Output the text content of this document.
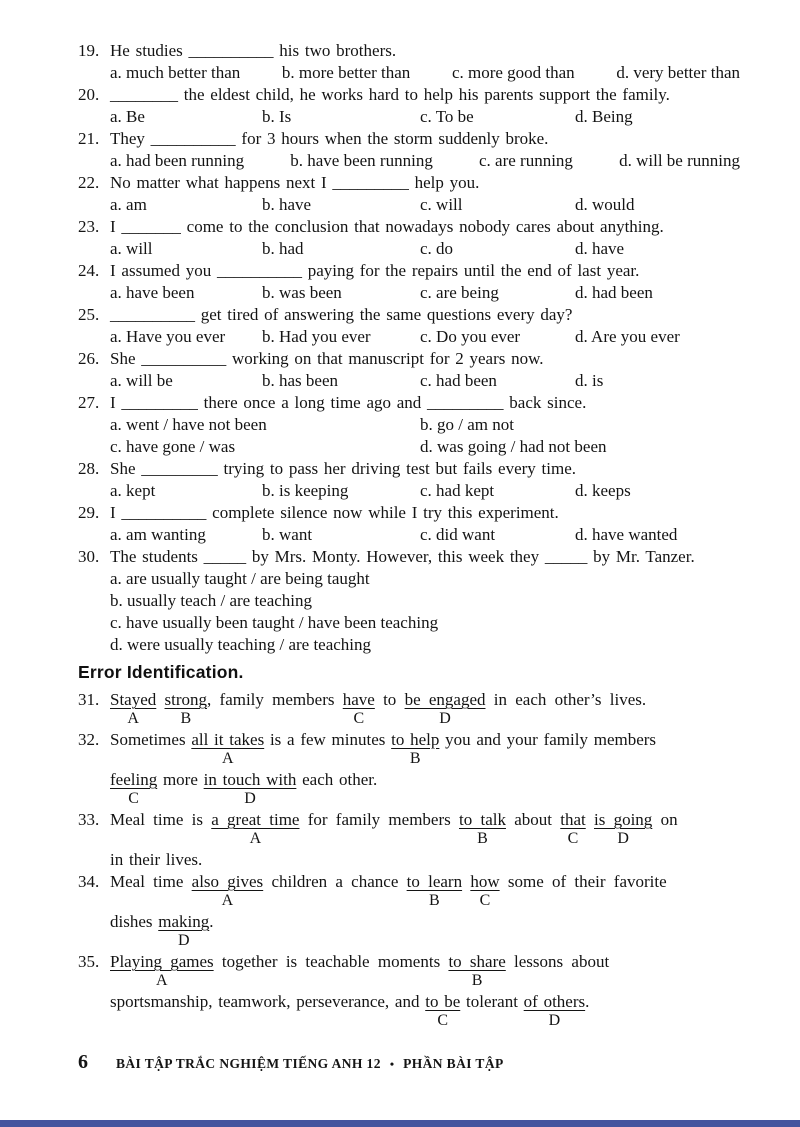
19. He studies __________ his two brothers.
a. much better than b. more better than c. more good than d. very better than
20. ________ the eldest child, he works hard to help his parents support the family.
a. Be	b. Is	c. To be	d. Being
21. They __________ for 3 hours when the storm suddenly broke.
a. had been running	b. have been running	c. are running	d. will be running
22. No matter what happens next I _________ help you.
a. am	b. have	c. will	d. would
23. I _______ come to the conclusion that nowadays nobody cares about anything.
a. will	b. had	c. do	d. have
24. I assumed you __________ paying for the repairs until the end of last year.
a. have been	b. was been	c. are being	d. had been
25. __________ get tired of answering the same questions every day?
a. Have you ever	b. Had you ever	c. Do you ever	d. Are you ever
26. She __________ working on that manuscript for 2 years now.
a. will be	b. has been	c. had been	d. is
27. I _________ there once a long time ago and _________ back since.
a. went / have not been	b. go / am not
c. have gone / was	d. was going / had not been
28. She _________ trying to pass her driving test but fails every time.
a. kept	b. is keeping	c. had kept	d. keeps
29. I __________ complete silence now while I try this experiment.
a. am wanting	b. want	c. did want	d. have wanted
30. The students _____ by Mrs. Monty. However, this week they _____ by Mr. Tanzer.
a. are usually taught / are being taught
b. usually teach / are teaching
c. have usually been taught / have been teaching
d. were usually teaching / are teaching
Error Identification.
31. Stayed
A
strong
B
, family members have
C
to be engaged
D
in each other’s lives.
32. Sometimes all it takes
A
is a few minutes to help
B
you and your family members
feeling
C
more in touch with
D
each other.
33. Meal time is a great time
A
for family members to talk
B
about that
C
is going
D
on
in their lives.
34. Meal time also gives
A
children a chance to learn
B
how
C
some of their favorite
dishes making
D
.
35. Playing games
A
together is teachable moments to share
B
lessons about
sportsmanship, teamwork, perseverance, and $\frac{\text{to be}}{C}$ tolerant of others
D
.
6 BÀI TẬP TRẮC NGHIỆM TIẾNG ANH 12 • PHẦN BÀI TẬP
